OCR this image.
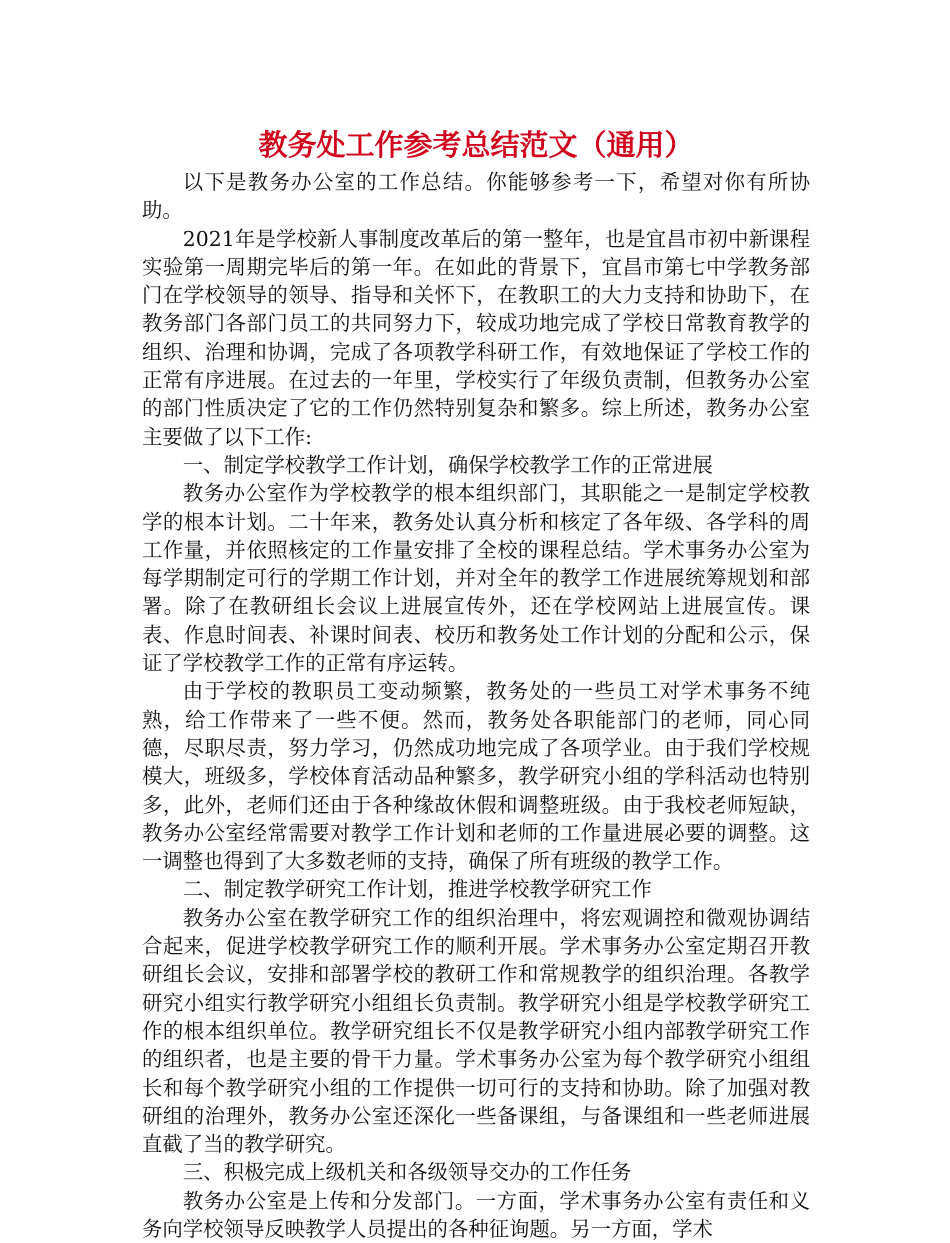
教务处工作参考总结范文（通用）

以下是教务办公室的工作总结。你能够参考一下，希望对你有所协助。

2021年是学校新人事制度改革后的第一整年，也是宜昌市初中新课程实验第一周期完毕后的第一年。在如此的背景下，宜昌市第七中学教务部门在学校领导的领导、指导和关怀下，在教职工的大力支持和协助下，在教务部门各部门员工的共同努力下，较成功地完成了学校日常教育教学的组织、治理和协调，完成了各项教学科研工作，有效地保证了学校工作的正常有序进展。在过去的一年里，学校实行了年级负责制，但教务办公室的部门性质决定了它的工作仍然特别复杂和繁多。综上所述，教务办公室主要做了以下工作:

一、制定学校教学工作计划，确保学校教学工作的正常进展

教务办公室作为学校教学的根本组织部门，其职能之一是制定学校教学的根本计划。二十年来，教务处认真分析和核定了各年级、各学科的周工作量，并依照核定的工作量安排了全校的课程总结。学术事务办公室为每学期制定可行的学期工作计划，并对全年的教学工作进展统筹规划和部署。除了在教研组长会议上进展宣传外，还在学校网站上进展宣传。课表、作息时间表、补课时间表、校历和教务处工作计划的分配和公示，保证了学校教学工作的正常有序运转。

由于学校的教职员工变动频繁，教务处的一些员工对学术事务不纯熟，给工作带来了一些不便。然而，教务处各职能部门的老师，同心同德，尽职尽责，努力学习，仍然成功地完成了各项学业。由于我们学校规模大，班级多，学校体育活动品种繁多，教学研究小组的学科活动也特别多，此外，老师们还由于各种缘故休假和调整班级。由于我校老师短缺，教务办公室经常需要对教学工作计划和老师的工作量进展必要的调整。这一调整也得到了大多数老师的支持，确保了所有班级的教学工作。

二、制定教学研究工作计划，推进学校教学研究工作

教务办公室在教学研究工作的组织治理中，将宏观调控和微观协调结合起来，促进学校教学研究工作的顺利开展。学术事务办公室定期召开教研组长会议，安排和部署学校的教研工作和常规教学的组织治理。各教学研究小组实行教学研究小组组长负责制。教学研究小组是学校教学研究工作的根本组织单位。教学研究组长不仅是教学研究小组内部教学研究工作的组织者，也是主要的骨干力量。学术事务办公室为每个教学研究小组组长和每个教学研究小组的工作提供一切可行的支持和协助。除了加强对教研组的治理外，教务办公室还深化一些备课组，与备课组和一些老师进展直截了当的教学研究。

三、积极完成上级机关和各级领导交办的工作任务

教务办公室是上传和分发部门。一方面，学术事务办公室有责任和义务向学校领导反映教学人员提出的各种征询题。另一方面，学术
